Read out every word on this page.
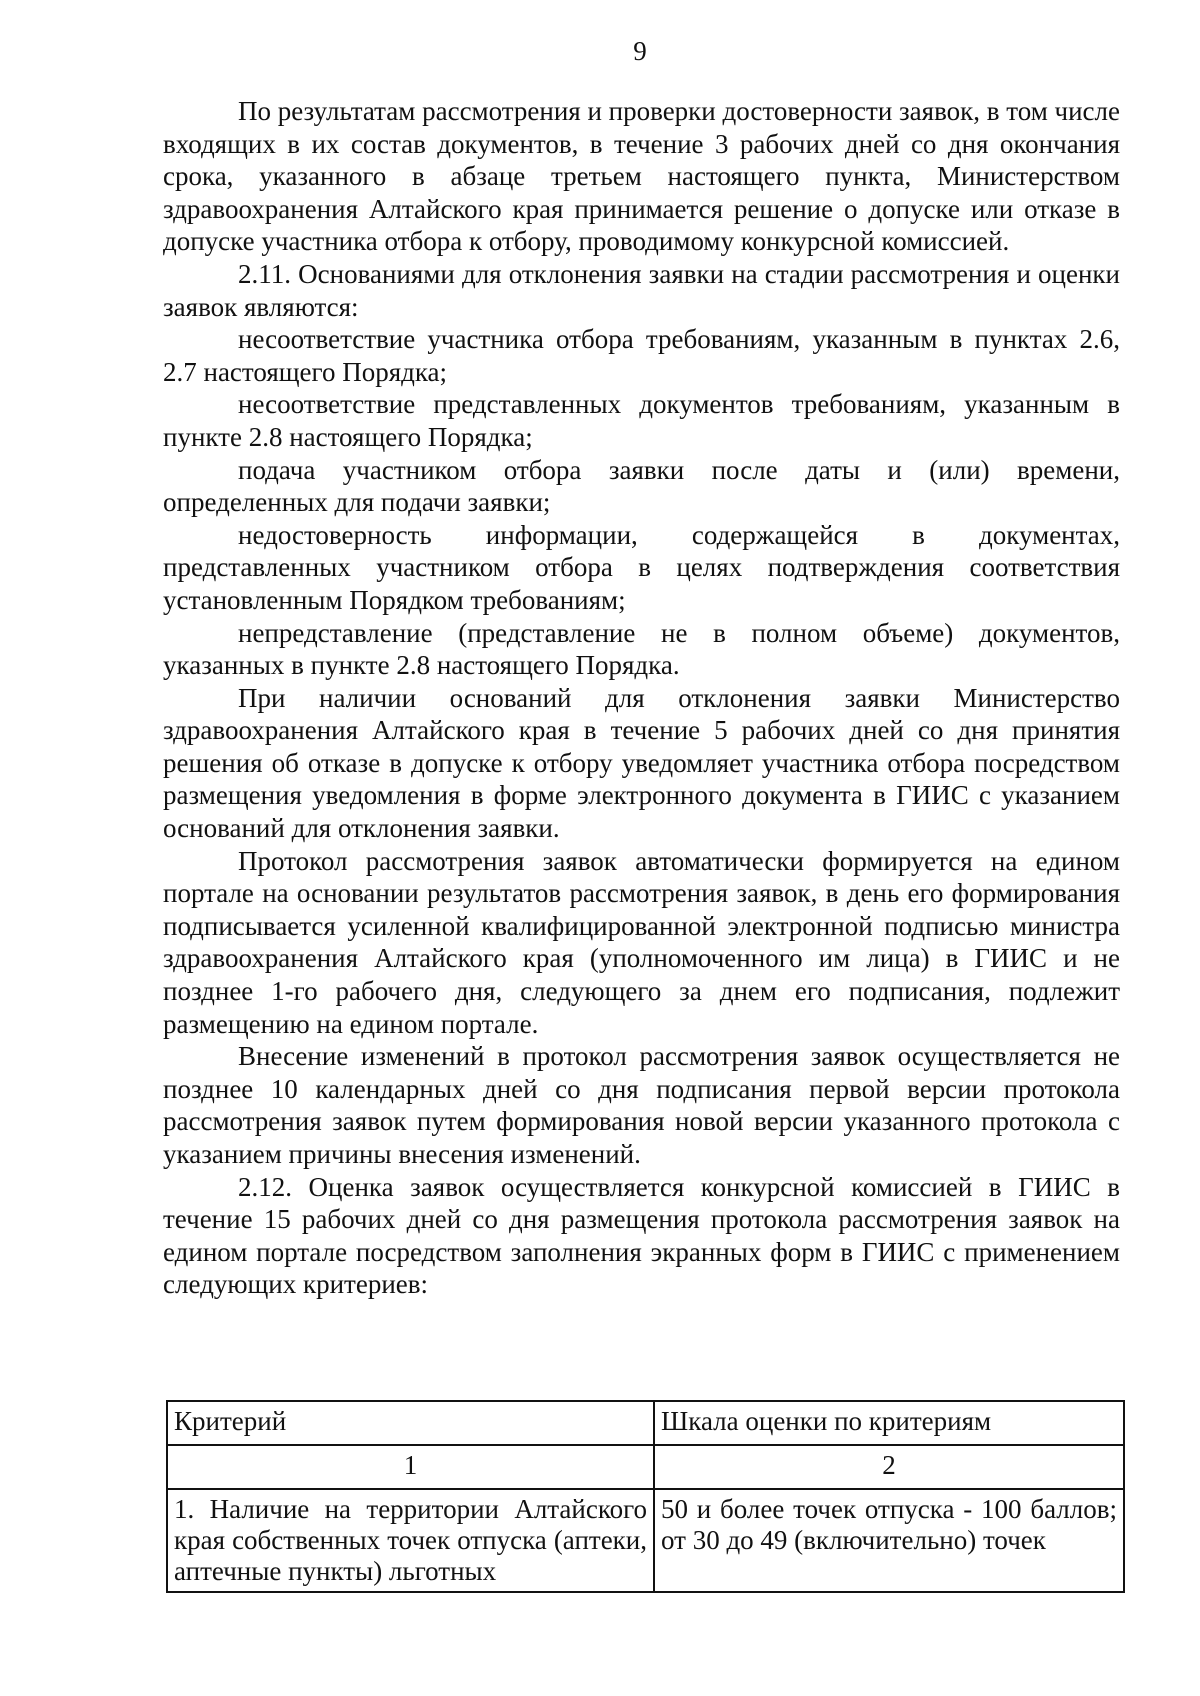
9

По результатам рассмотрения и проверки достоверности заявок, в том числе входящих в их состав документов, в течение 3 рабочих дней со дня окончания срока, указанного в абзаце третьем настоящего пункта, Министерством здравоохранения Алтайского края принимается решение о допуске или отказе в допуске участника отбора к отбору, проводимому конкурсной комиссией.

2.11. Основаниями для отклонения заявки на стадии рассмотрения и оценки заявок являются:

несоответствие участника отбора требованиям, указанным в пунктах 2.6, 2.7 настоящего Порядка;

несоответствие представленных документов требованиям, указанным в пункте 2.8 настоящего Порядка;

подача участником отбора заявки после даты и (или) времени, определенных для подачи заявки;

недостоверность информации, содержащейся в документах, представленных участником отбора в целях подтверждения соответствия установленным Порядком требованиям;

непредставление (представление не в полном объеме) документов, указанных в пункте 2.8 настоящего Порядка.

При наличии оснований для отклонения заявки Министерство здравоохранения Алтайского края в течение 5 рабочих дней со дня принятия решения об отказе в допуске к отбору уведомляет участника отбора посредством размещения уведомления в форме электронного документа в ГИИС с указанием оснований для отклонения заявки.

Протокол рассмотрения заявок автоматически формируется на едином портале на основании результатов рассмотрения заявок, в день его формирования подписывается усиленной квалифицированной электронной подписью министра здравоохранения Алтайского края (уполномоченного им лица) в ГИИС и не позднее 1-го рабочего дня, следующего за днем его подписания, подлежит размещению на едином портале.

Внесение изменений в протокол рассмотрения заявок осуществляется не позднее 10 календарных дней со дня подписания первой версии протокола рассмотрения заявок путем формирования новой версии указанного протокола с указанием причины внесения изменений.

2.12. Оценка заявок осуществляется конкурсной комиссией в ГИИС в течение 15 рабочих дней со дня размещения протокола рассмотрения заявок на едином портале посредством заполнения экранных форм в ГИИС с применением следующих критериев:

Критерий	Шкала оценки по критериям
1	2
1. Наличие на территории Алтайского края собственных точек отпуска (аптеки, аптечные пункты) льготных	50 и более точек отпуска - 100 баллов; от 30 до 49 (включительно) точек
